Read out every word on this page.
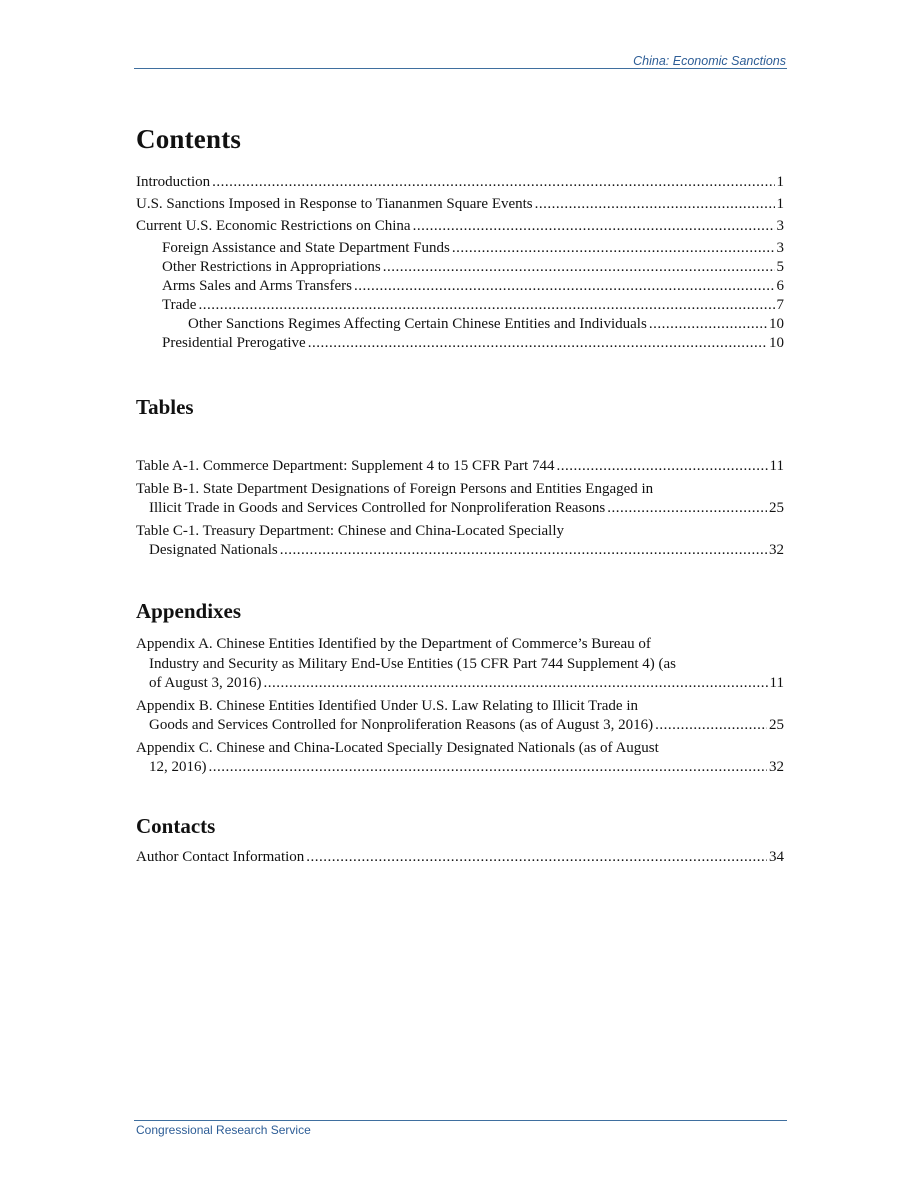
China: Economic Sanctions
Contents
Introduction .....	1
U.S. Sanctions Imposed in Response to Tiananmen Square Events .....	1
Current U.S. Economic Restrictions on China .....	3
Foreign Assistance and State Department Funds .....	3
Other Restrictions in Appropriations .....	5
Arms Sales and Arms Transfers .....	6
Trade .....	7
Other Sanctions Regimes Affecting Certain Chinese Entities and Individuals .....	10
Presidential Prerogative .....	10
Tables
Table A-1. Commerce Department: Supplement 4 to 15 CFR Part 744 .....	11
Table B-1. State Department Designations of Foreign Persons and Entities Engaged in
Illicit Trade in Goods and Services Controlled for Nonproliferation Reasons .....	25
Table C-1. Treasury Department: Chinese and China-Located Specially
Designated Nationals .....	32
Appendixes
Appendix A. Chinese Entities Identified by the Department of Commerce’s Bureau of
Industry and Security as Military End-Use Entities (15 CFR Part 744 Supplement 4) (as
of August 3, 2016) .....	11
Appendix B. Chinese Entities Identified Under U.S. Law Relating to Illicit Trade in
Goods and Services Controlled for Nonproliferation Reasons (as of August 3, 2016) .....	25
Appendix C. Chinese and China-Located Specially Designated Nationals (as of August
12, 2016) .....	32
Contacts
Author Contact Information .....	34
Congressional Research Service
